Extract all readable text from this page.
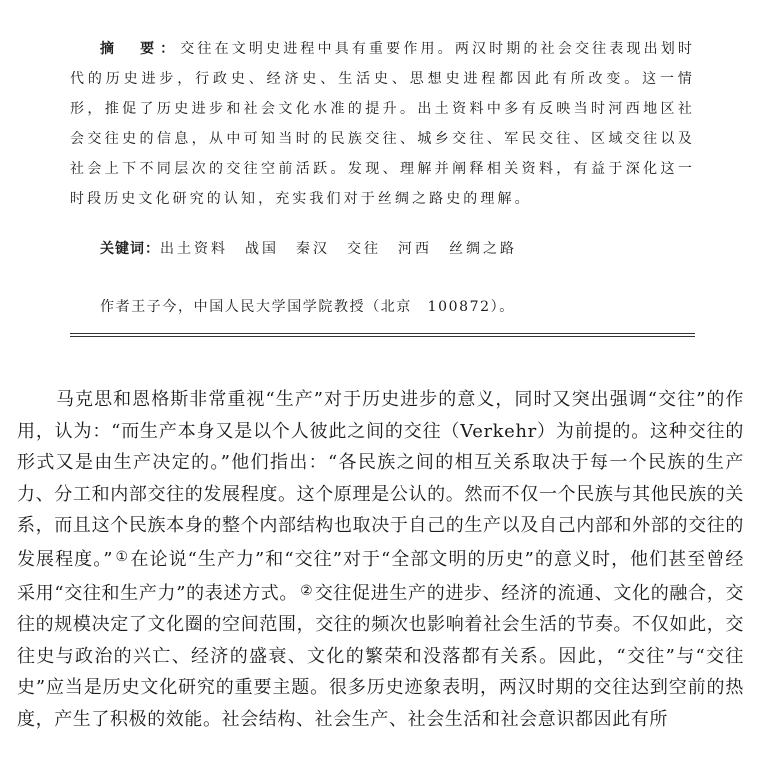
摘　要：交往在文明史进程中具有重要作用。两汉时期的社会交往表现出划时代的历史进步，行政史、经济史、生活史、思想史进程都因此有所改变。这一情形，推促了历史进步和社会文化水准的提升。出土资料中多有反映当时河西地区社会交往史的信息，从中可知当时的民族交往、城乡交往、军民交往、区域交往以及社会上下不同层次的交往空前活跃。发现、理解并阐释相关资料，有益于深化这一时段历史文化研究的认知，充实我们对于丝绸之路史的理解。
关键词：出土资料 战国 秦汉 交往 河西 丝绸之路
作者王子今，中国人民大学国学院教授（北京　100872）。
马克思和恩格斯非常重视“生产”对于历史进步的意义，同时又突出强调“交往”的作用，认为：“而生产本身又是以个人彼此之间的交往（Verkehr）为前提的。这种交往的形式又是由生产决定的。”他们指出：“各民族之间的相互关系取决于每一个民族的生产力、分工和内部交往的发展程度。这个原理是公认的。然而不仅一个民族与其他民族的关系，而且这个民族本身的整个内部结构也取决于自己的生产以及自己内部和外部的交往的发展程度。” ① 在论说“生产力”和“交往”对于“全部文明的历史”的意义时，他们甚至曾经采用“交往和生产力”的表述方式。 ② 交往促进生产的进步、经济的流通、文化的融合，交往的规模决定了文化圈的空间范围，交往的频次也影响着社会生活的节奏。不仅如此，交往史与政治的兴亡、经济的盛衰、文化的繁荣和没落都有关系。因此，“交往”与“交往史”应当是历史文化研究的重要主题。很多历史迹象表明，两汉时期的交往达到空前的热度，产生了积极的效能。社会结构、社会生产、社会生活和社会意识都因此有所
